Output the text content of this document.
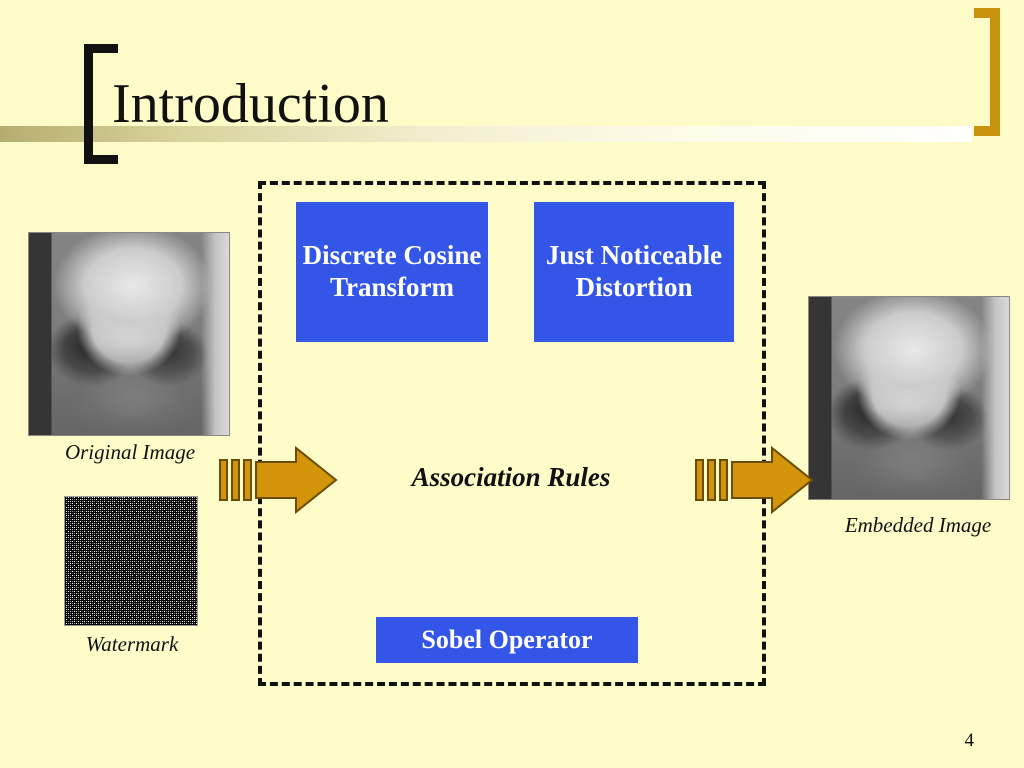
Introduction
Discrete Cosine Transform
Just Noticeable Distortion
Sobel Operator
Association Rules
Original Image
Watermark
Embedded Image
4
